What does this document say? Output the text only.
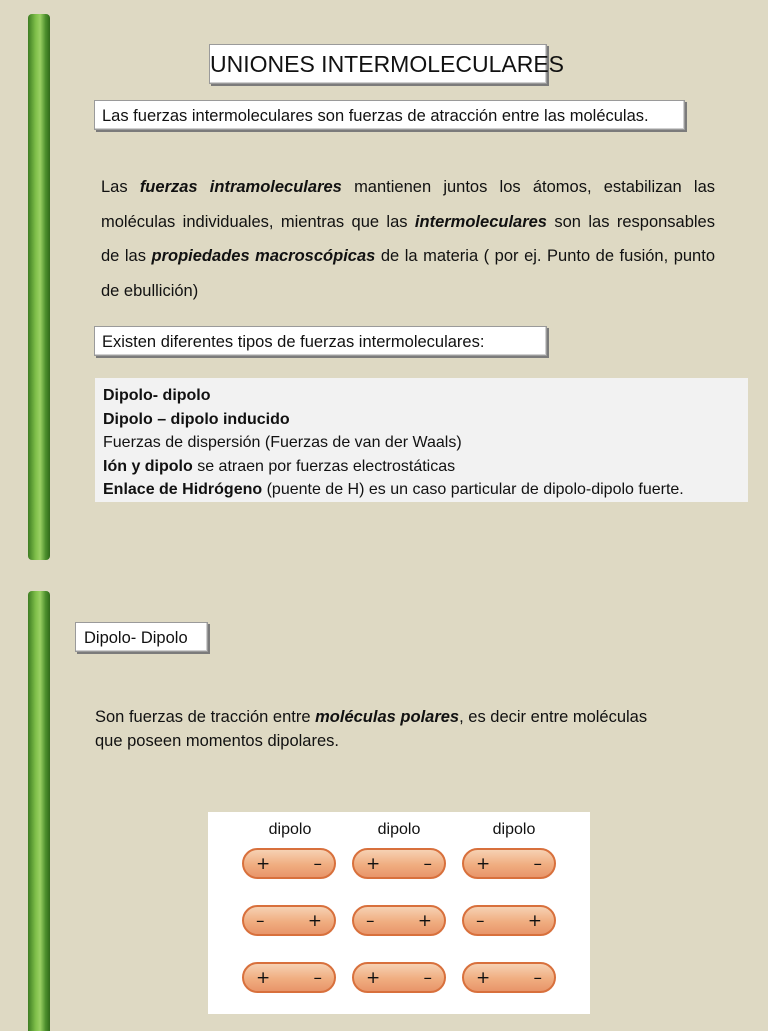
UNIONES INTERMOLECULARES
Las fuerzas intermoleculares son fuerzas de atracción entre las moléculas.
Las fuerzas intramoleculares mantienen juntos los átomos, estabilizan las moléculas individuales, mientras que las intermoleculares son las responsables de las propiedades macroscópicas de la materia ( por ej. Punto de fusión, punto de ebullición)
Existen diferentes tipos de fuerzas intermoleculares:
Dipolo- dipolo
Dipolo – dipolo inducido
Fuerzas de dispersión (Fuerzas de van der Waals)
Ión y dipolo se atraen por fuerzas electrostáticas
Enlace de Hidrógeno (puente de H) es un caso particular de dipolo-dipolo fuerte.
Dipolo- Dipolo
Son fuerzas de tracción entre moléculas polares, es decir entre moléculas
que poseen momentos dipolares.
dipolo	dipolo	dipolo
+	–	+	–	+	–
–	+	–	+	–	+
+	–	+	–	+	–
